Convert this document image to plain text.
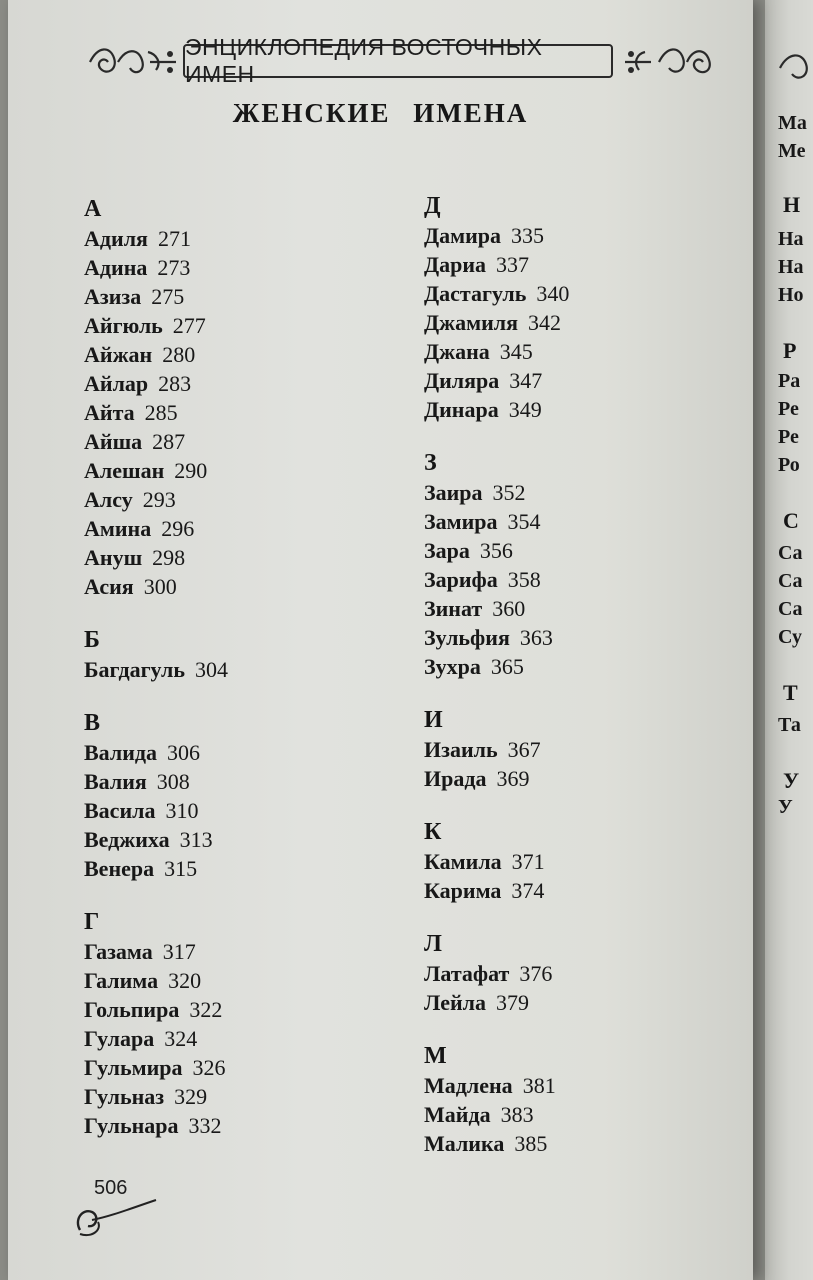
ЭНЦИКЛОПЕДИЯ ВОСТОЧНЫХ ИМЕН
ЖЕНСКИЕ ИМЕНА
А
Адиля 271
Адина 273
Азиза 275
Айгюль 277
Айжан 280
Айлар 283
Айта 285
Айша 287
Алешан 290
Алсу 293
Амина 296
Ануш 298
Асия 300
Б
Багдагуль 304
В
Валида 306
Валия 308
Васила 310
Веджиха 313
Венера 315
Г
Газама 317
Галима 320
Гольпира 322
Гулара 324
Гульмира 326
Гульназ 329
Гульнара 332
Д
Дамира 335
Дариа 337
Дастагуль 340
Джамиля 342
Джана 345
Диляра 347
Динара 349
З
Заира 352
Замира 354
Зара 356
Зарифа 358
Зинат 360
Зульфия 363
Зухра 365
И
Изаиль 367
Ирада 369
К
Камила 371
Карима 374
Л
Латафат 376
Лейла 379
М
Мадлена 381
Майда 383
Малика 385
506
Ма
Ме
Н
На
На
Но
Р
Ра
Ре
Ре
Ро
С
Са
Са
Са
Су
Т
Та
У
У
